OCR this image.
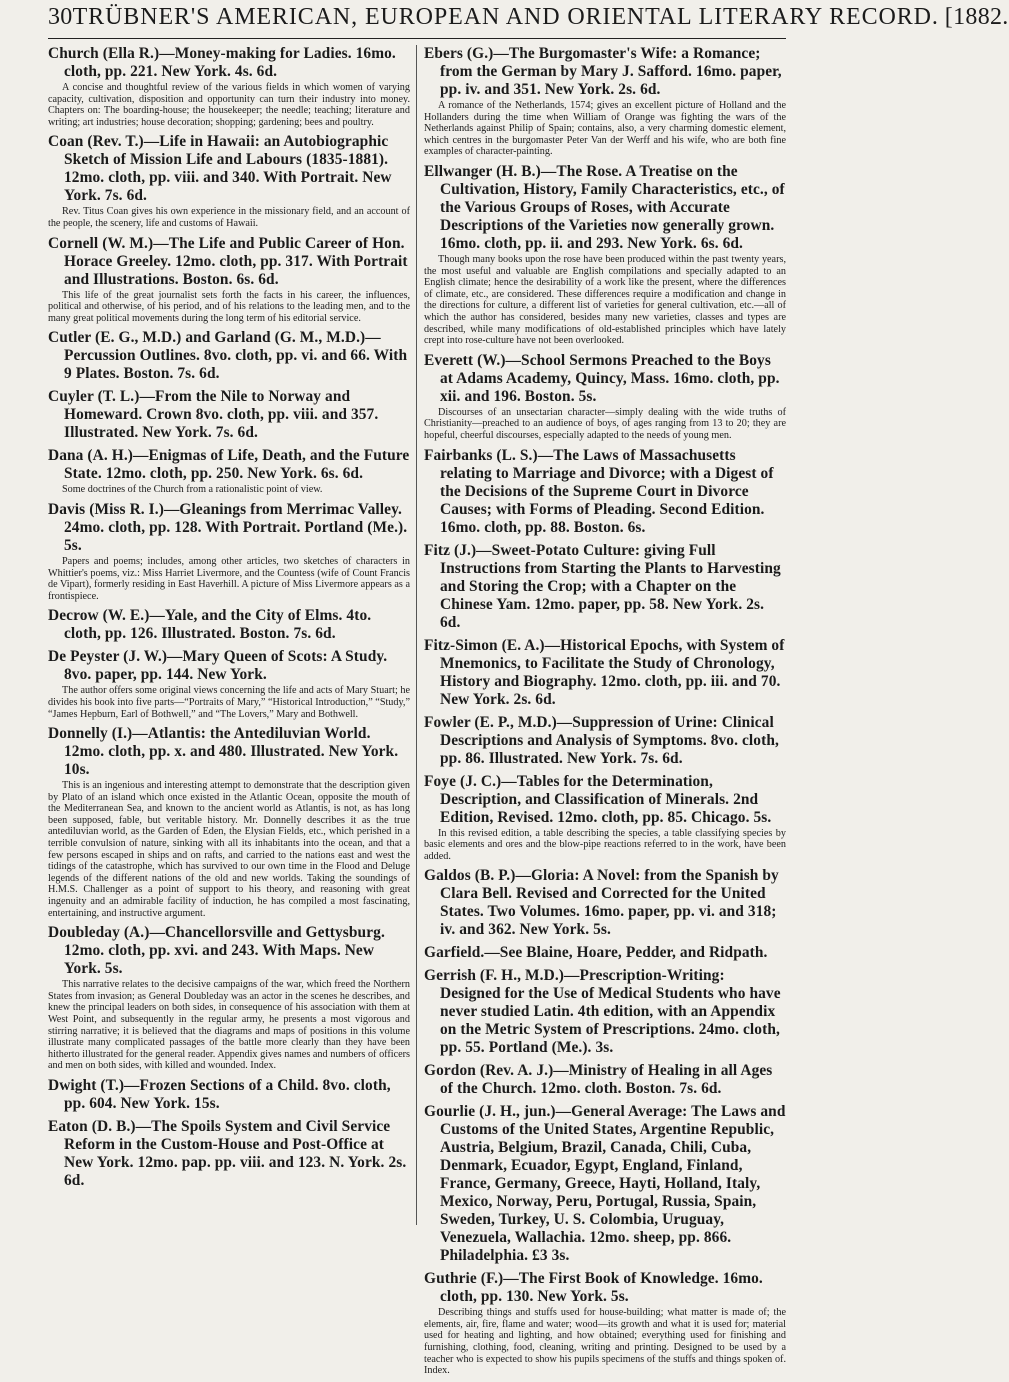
30 TRÜBNER'S AMERICAN, EUROPEAN AND ORIENTAL LITERARY RECORD. [1882.

Church (Ella R.)—Money-making for Ladies. 16mo. cloth, pp. 221. New York. 4s. 6d.

A concise and thoughtful review of the various fields in which women of varying capacity, cultivation, disposition and opportunity can turn their industry into money. Chapters on: The boarding-house; the housekeeper; the needle; teaching; literature and writing; art industries; house decoration; shopping; gardening; bees and poultry.

Coan (Rev. T.)—Life in Hawaii: an Autobiographic Sketch of Mission Life and Labours (1835-1881). 12mo. cloth, pp. viii. and 340. With Portrait. New York. 7s. 6d.

Rev. Titus Coan gives his own experience in the missionary field, and an account of the people, the scenery, life and customs of Hawaii.

Cornell (W. M.)—The Life and Public Career of Hon. Horace Greeley. 12mo. cloth, pp. 317. With Portrait and Illustrations. Boston. 6s. 6d.

This life of the great journalist sets forth the facts in his career, the influences, political and otherwise, of his period, and of his relations to the leading men, and to the many great political movements during the long term of his editorial service.

Cutler (E. G., M.D.) and Garland (G. M., M.D.)—Percussion Outlines. 8vo. cloth, pp. vi. and 66. With 9 Plates. Boston. 7s. 6d.

Cuyler (T. L.)—From the Nile to Norway and Homeward. Crown 8vo. cloth, pp. viii. and 357. Illustrated. New York. 7s. 6d.

Dana (A. H.)—Enigmas of Life, Death, and the Future State. 12mo. cloth, pp. 250. New York. 6s. 6d.

Some doctrines of the Church from a rationalistic point of view.

Davis (Miss R. I.)—Gleanings from Merrimac Valley. 24mo. cloth, pp. 128. With Portrait. Portland (Me.). 5s.

Papers and poems; includes, among other articles, two sketches of characters in Whittier's poems, viz.: Miss Harriet Livermore, and the Countess (wife of Count Francis de Vipart), formerly residing in East Haverhill. A picture of Miss Livermore appears as a frontispiece.

Decrow (W. E.)—Yale, and the City of Elms. 4to. cloth, pp. 126. Illustrated. Boston. 7s. 6d.

De Peyster (J. W.)—Mary Queen of Scots: A Study. 8vo. paper, pp. 144. New York.

The author offers some original views concerning the life and acts of Mary Stuart; he divides his book into five parts—“Portraits of Mary,” “Historical Introduction,” “Study,” “James Hepburn, Earl of Bothwell,” and “The Lovers,” Mary and Bothwell.

Donnelly (I.)—Atlantis: the Antediluvian World. 12mo. cloth, pp. x. and 480. Illustrated. New York. 10s.

This is an ingenious and interesting attempt to demonstrate that the description given by Plato of an island which once existed in the Atlantic Ocean, opposite the mouth of the Mediterranean Sea, and known to the ancient world as Atlantis, is not, as has long been supposed, fable, but veritable history. Mr. Donnelly describes it as the true antediluvian world, as the Garden of Eden, the Elysian Fields, etc., which perished in a terrible convulsion of nature, sinking with all its inhabitants into the ocean, and that a few persons escaped in ships and on rafts, and carried to the nations east and west the tidings of the catastrophe, which has survived to our own time in the Flood and Deluge legends of the different nations of the old and new worlds. Taking the soundings of H.M.S. Challenger as a point of support to his theory, and reasoning with great ingenuity and an admirable facility of induction, he has compiled a most fascinating, entertaining, and instructive argument.

Doubleday (A.)—Chancellorsville and Gettysburg. 12mo. cloth, pp. xvi. and 243. With Maps. New York. 5s.

This narrative relates to the decisive campaigns of the war, which freed the Northern States from invasion; as General Doubleday was an actor in the scenes he describes, and knew the principal leaders on both sides, in consequence of his association with them at West Point, and subsequently in the regular army, he presents a most vigorous and stirring narrative; it is believed that the diagrams and maps of positions in this volume illustrate many complicated passages of the battle more clearly than they have been hitherto illustrated for the general reader. Appendix gives names and numbers of officers and men on both sides, with killed and wounded. Index.

Dwight (T.)—Frozen Sections of a Child. 8vo. cloth, pp. 604. New York. 15s.

Eaton (D. B.)—The Spoils System and Civil Service Reform in the Custom-House and Post-Office at New York. 12mo. pap. pp. viii. and 123. N. York. 2s. 6d.

Ebers (G.)—The Burgomaster's Wife: a Romance; from the German by Mary J. Safford. 16mo. paper, pp. iv. and 351. New York. 2s. 6d.

A romance of the Netherlands, 1574; gives an excellent picture of Holland and the Hollanders during the time when William of Orange was fighting the wars of the Netherlands against Philip of Spain; contains, also, a very charming domestic element, which centres in the burgomaster Peter Van der Werff and his wife, who are both fine examples of character-painting.

Ellwanger (H. B.)—The Rose. A Treatise on the Cultivation, History, Family Characteristics, etc., of the Various Groups of Roses, with Accurate Descriptions of the Varieties now generally grown. 16mo. cloth, pp. ii. and 293. New York. 6s. 6d.

Though many books upon the rose have been produced within the past twenty years, the most useful and valuable are English compilations and specially adapted to an English climate; hence the desirability of a work like the present, where the differences of climate, etc., are considered. These differences require a modification and change in the directions for culture, a different list of varieties for general cultivation, etc.—all of which the author has considered, besides many new varieties, classes and types are described, while many modifications of old-established principles which have lately crept into rose-culture have not been overlooked.

Everett (W.)—School Sermons Preached to the Boys at Adams Academy, Quincy, Mass. 16mo. cloth, pp. xii. and 196. Boston. 5s.

Discourses of an unsectarian character—simply dealing with the wide truths of Christianity—preached to an audience of boys, of ages ranging from 13 to 20; they are hopeful, cheerful discourses, especially adapted to the needs of young men.

Fairbanks (L. S.)—The Laws of Massachusetts relating to Marriage and Divorce; with a Digest of the Decisions of the Supreme Court in Divorce Causes; with Forms of Pleading. Second Edition. 16mo. cloth, pp. 88. Boston. 6s.

Fitz (J.)—Sweet-Potato Culture: giving Full Instructions from Starting the Plants to Harvesting and Storing the Crop; with a Chapter on the Chinese Yam. 12mo. paper, pp. 58. New York. 2s. 6d.

Fitz-Simon (E. A.)—Historical Epochs, with System of Mnemonics, to Facilitate the Study of Chronology, History and Biography. 12mo. cloth, pp. iii. and 70. New York. 2s. 6d.

Fowler (E. P., M.D.)—Suppression of Urine: Clinical Descriptions and Analysis of Symptoms. 8vo. cloth, pp. 86. Illustrated. New York. 7s. 6d.

Foye (J. C.)—Tables for the Determination, Description, and Classification of Minerals. 2nd Edition, Revised. 12mo. cloth, pp. 85. Chicago. 5s.

In this revised edition, a table describing the species, a table classifying species by basic elements and ores and the blow-pipe reactions referred to in the work, have been added.

Galdos (B. P.)—Gloria: A Novel: from the Spanish by Clara Bell. Revised and Corrected for the United States. Two Volumes. 16mo. paper, pp. vi. and 318; iv. and 362. New York. 5s.

Garfield.—See Blaine, Hoare, Pedder, and Ridpath.

Gerrish (F. H., M.D.)—Prescription-Writing: Designed for the Use of Medical Students who have never studied Latin. 4th edition, with an Appendix on the Metric System of Prescriptions. 24mo. cloth, pp. 55. Portland (Me.). 3s.

Gordon (Rev. A. J.)—Ministry of Healing in all Ages of the Church. 12mo. cloth. Boston. 7s. 6d.

Gourlie (J. H., jun.)—General Average: The Laws and Customs of the United States, Argentine Republic, Austria, Belgium, Brazil, Canada, Chili, Cuba, Denmark, Ecuador, Egypt, England, Finland, France, Germany, Greece, Hayti, Holland, Italy, Mexico, Norway, Peru, Portugal, Russia, Spain, Sweden, Turkey, U. S. Colombia, Uruguay, Venezuela, Wallachia. 12mo. sheep, pp. 866. Philadelphia. £3 3s.

Guthrie (F.)—The First Book of Knowledge. 16mo. cloth, pp. 130. New York. 5s.

Describing things and stuffs used for house-building; what matter is made of; the elements, air, fire, flame and water; wood—its growth and what it is used for; material used for heating and lighting, and how obtained; everything used for finishing and furnishing, clothing, food, cleaning, writing and printing. Designed to be used by a teacher who is expected to show his pupils specimens of the stuffs and things spoken of. Index.
